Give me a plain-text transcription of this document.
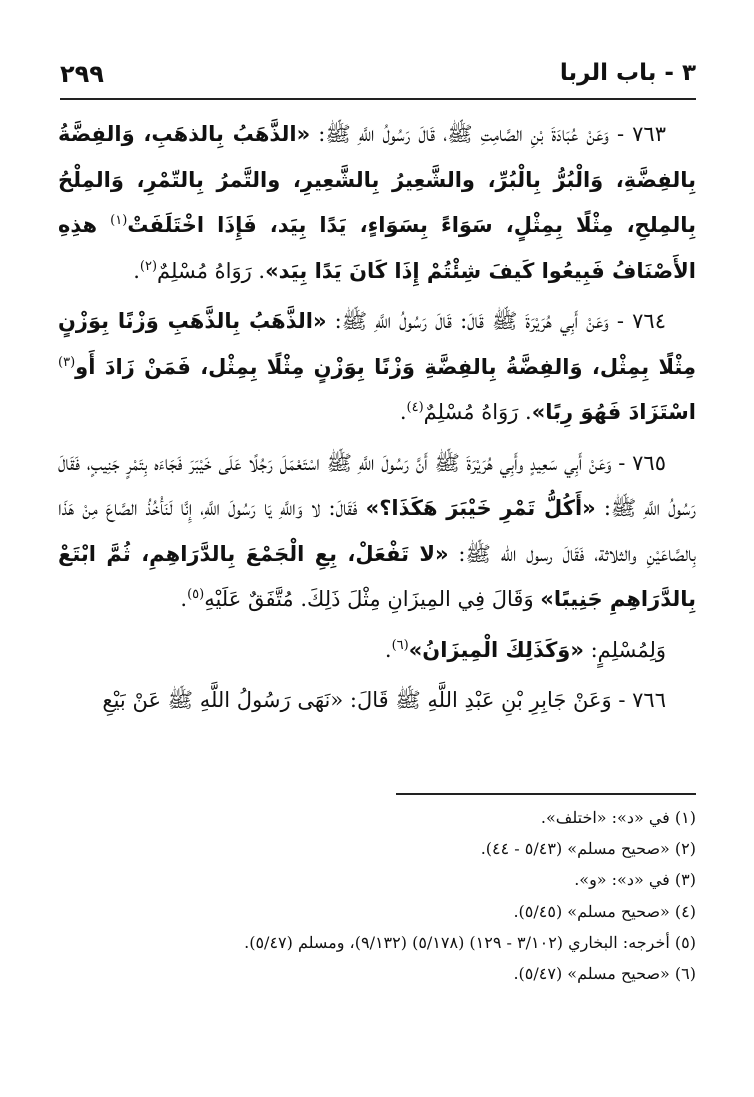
٣ - باب الربا
٢٩٩

٧٦٣ - وَعَنْ عُبَادَةَ بْنِ الصَّامِتِ ﷺ، قَالَ رَسُولُ اللَّهِ ﷺ: «الذَّهَبُ بِالذهَبِ، وَالفِضَّةُ بِالفِضَّةِ، وَالْبُرُّ بِالْبُرِّ، والشَّعِيرُ بِالشَّعِيرِ، والتَّمرُ بِالتّمْرِ، وَالمِلْحُ بِالمِلحِ، مِثْلًا بِمِثْلٍ، سَوَاءً بِسَوَاءٍ، يَدًا بِيَد، فَإِذَا اخْتَلَفَتْ$^{(١)}$ هذِهِ الأَصْنَافُ فَبِيعُوا كَيفَ شِئْتُمْ إِذَا كَانَ يَدًا بِيَد». رَوَاهُ مُسْلِمٌ$^{(٢)}$.

٧٦٤ - وَعَنْ أَبِي هُرَيْرَةَ ﷺ قَالَ: قَالَ رَسُولُ اللَّهِ ﷺ: «الذَّهَبُ بِالذَّهَبِ وَزْنًا بِوَزْنٍ مِثْلًا بِمِثْل، وَالفِضَّةُ بِالفِضَّةِ وَزْنًا بِوَزْنٍ مِثْلًا بِمِثْل، فَمَنْ زَادَ أَو$^{(٣)}$ اسْتَزَادَ فَهُوَ رِبًا». رَوَاهُ مُسْلِمٌ$^{(٤)}$.

٧٦٥ - وَعَنْ أَبِي سَعِيدٍ وأَبِي هُرَيْرَةَ ﷺ أَنَّ رَسُولَ اللَّهِ ﷺ اسْتَعْمَلَ رَجُلًا عَلَى خَيْبَرَ فَجَاءَه بِتَمْرٍ جَنِيبٍ، فَقَالَ رَسُولُ اللَّهِ ﷺ: «أَكُلُّ تَمْرِ خَيْبَرَ هَكَذَا؟» فَقَالَ: لا وَاللَّهِ يَا رَسُولَ اللَّهِ، إِنَّا لَنَأْخُذُ الصَّاعَ مِنْ هَذَا بِالصَّاعَيْنِ والثلاثة، فَقَالَ رسول الله ﷺ: «لا تَفْعَلْ، بِعِ الْجَمْعَ بِالدَّرَاهِمِ، ثُمَّ ابْتَعْ بِالدَّرَاهِمِ جَنِيبًا» وَقَالَ فِي المِيزَانِ مِثْلَ ذَلِكَ. مُتَّفَقٌ عَلَيْهِ$^{(٥)}$.

وَلِمُسْلِمٍ: «وَكَذَلِكَ الْمِيزَانُ»$^{(٦)}$.

٧٦٦ - وَعَنْ جَابِرِ بْنِ عَبْدِ اللَّهِ ﷺ قَالَ: «نَهَى رَسُولُ اللَّهِ ﷺ عَنْ بَيْعِ

(١) في «د»: «اختلف».
(٢) «صحيح مسلم» (٥/٤٣ - ٤٤).
(٣) في «د»: «و».
(٤) «صحيح مسلم» (٥/٤٥).
(٥) أخرجه: البخاري (٣/١٠٢ - ١٢٩) (٥/١٧٨) (٩/١٣٢)، ومسلم (٥/٤٧).
(٦) «صحيح مسلم» (٥/٤٧).
